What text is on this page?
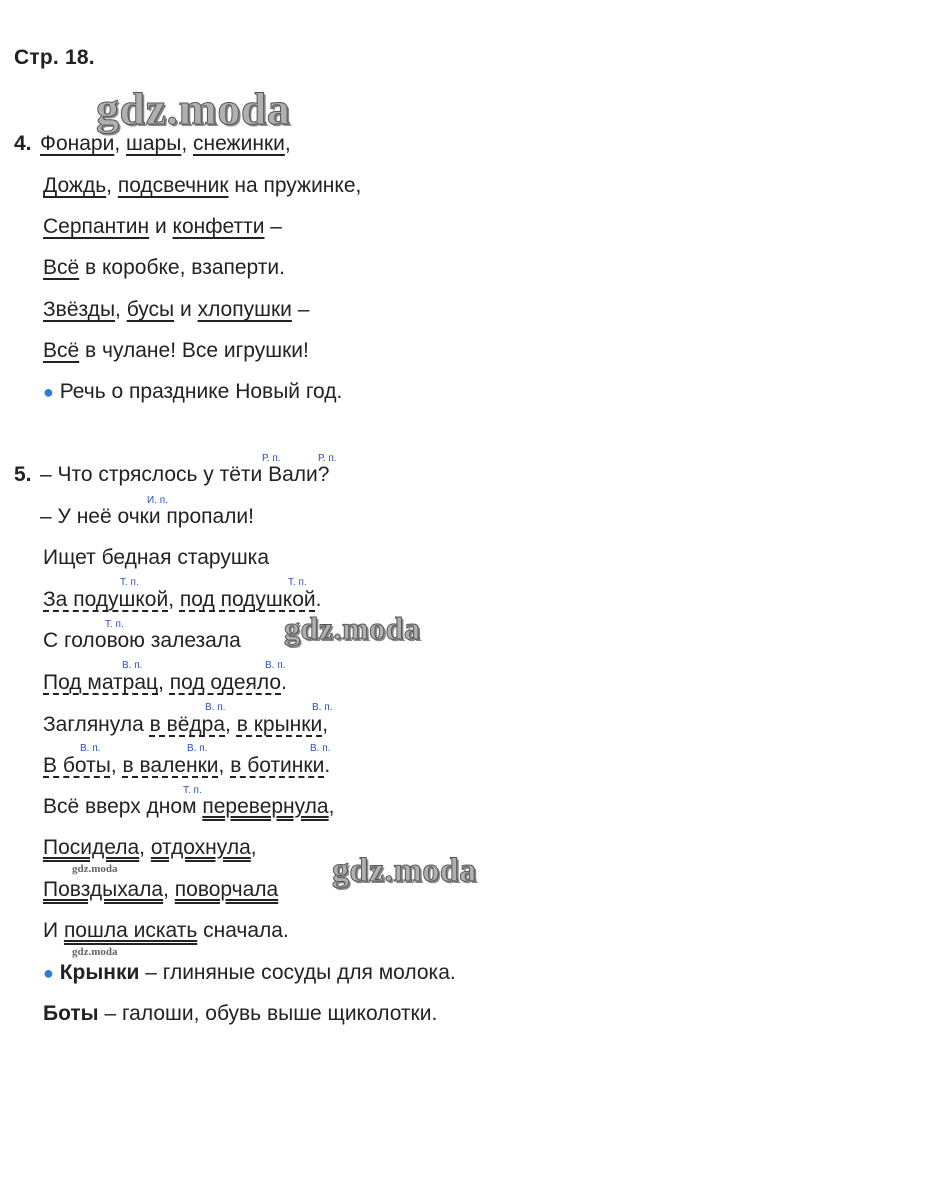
Стр. 18.
gdz.moda
gdz.moda
gdz.moda
gdz.moda
gdz.moda
4. Фонари, шары, снежинки,
Дождь, подсвечник на пружинке,
Серпантин и конфетти –
Всё в коробке, взаперти.
Звёзды, бусы и хлопушки –
Всё в чулане! Все игрушки!
● Речь о празднике Новый год.
5. – Что стряслось у тёти Вали?
Р. п.	Р. п.
– У неё очки пропали!
И. п.
Ищет бедная старушка
Т. п.	Т. п.
За подушкой, под подушкой.
Т. п.
С головою залезала
В. п.	В. п.
Под матрац, под одеяло.
В. п.	В. п.
Заглянула в вёдра, в крынки,
В. п.	В. п.	В. п.
В боты, в валенки, в ботинки.
Т. п.
Всё вверх дном перевернула,
Посидела, отдохнула,
Повздыхала, поворчала
И пошла искать сначала.
● Крынки – глиняные сосуды для молока.
Боты – галоши, обувь выше щиколотки.
